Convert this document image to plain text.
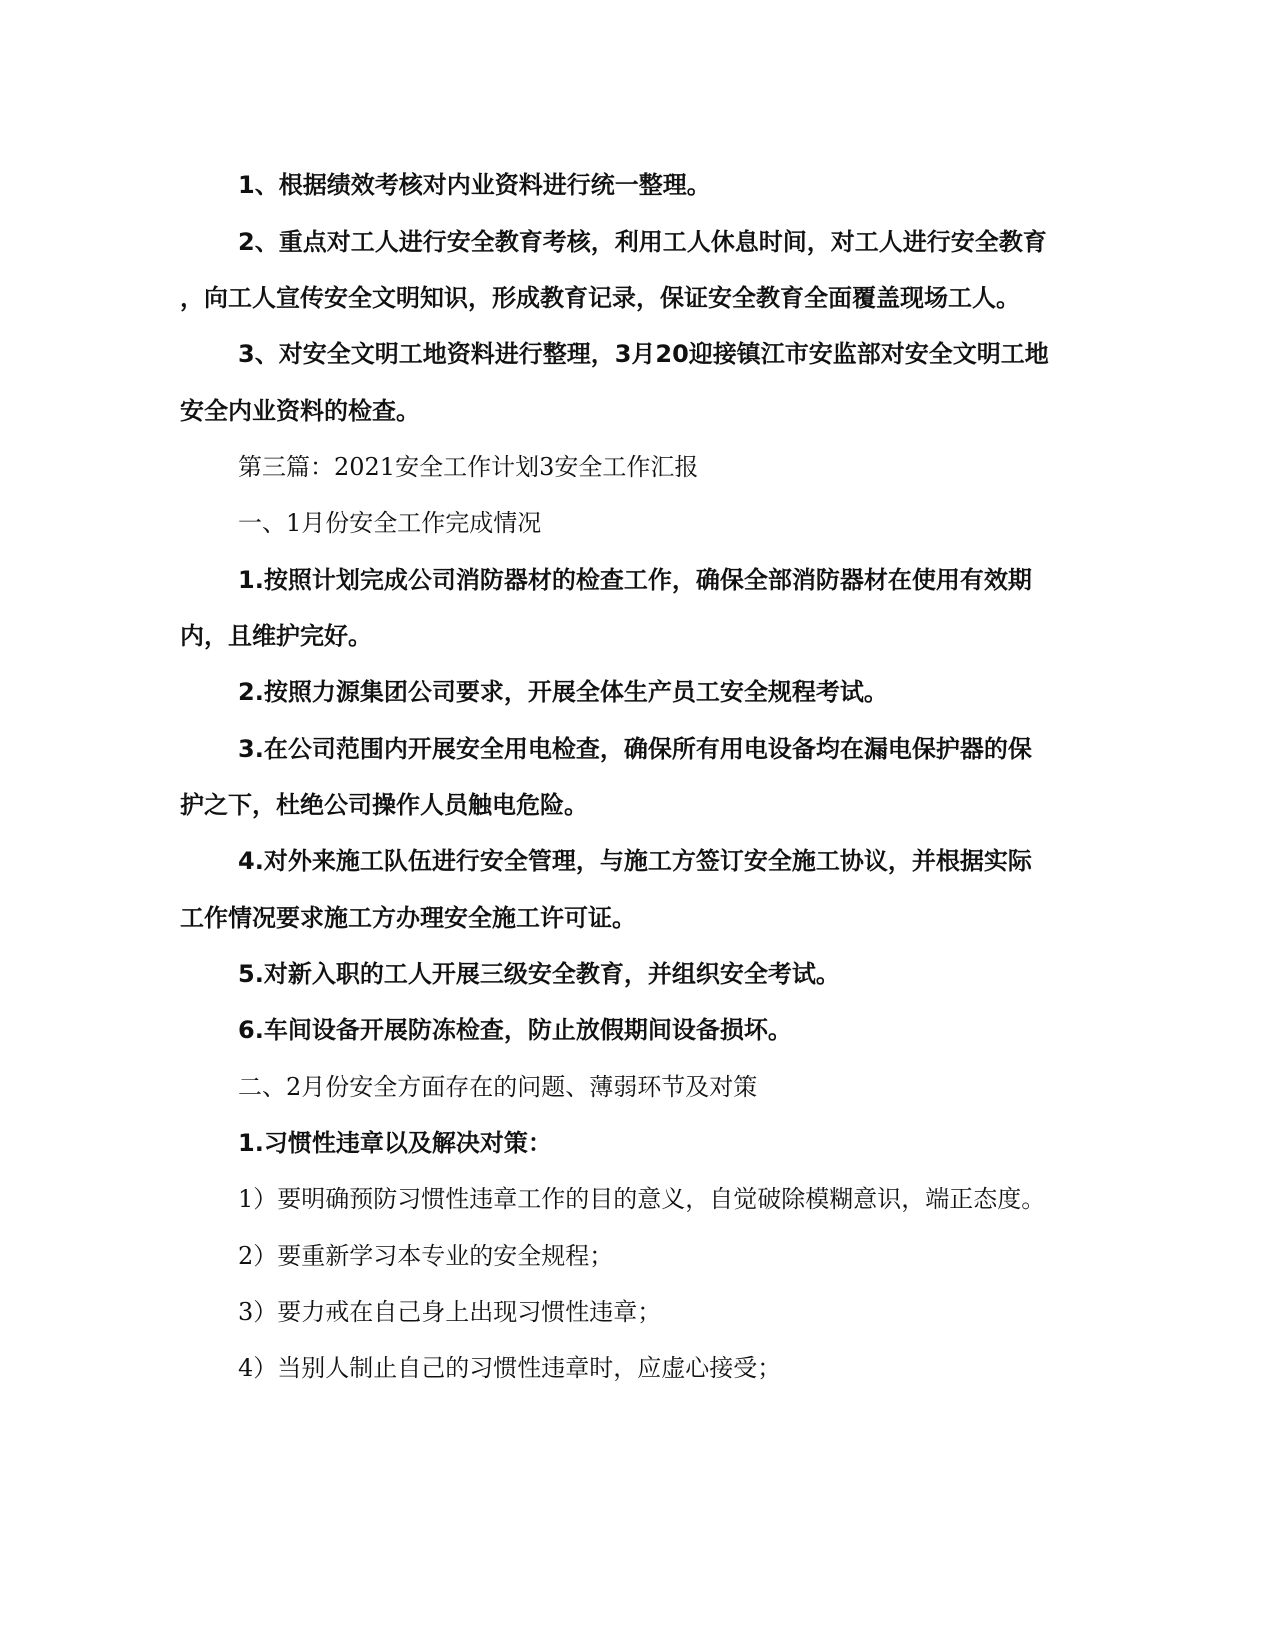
1、根据绩效考核对内业资料进行统一整理。
2、重点对工人进行安全教育考核，利用工人休息时间，对工人进行安全教育
，向工人宣传安全文明知识，形成教育记录，保证安全教育全面覆盖现场工人。
3、对安全文明工地资料进行整理，3月20迎接镇江市安监部对安全文明工地
安全内业资料的检查。
第三篇：2021安全工作计划3安全工作汇报
一、1月份安全工作完成情况
1.按照计划完成公司消防器材的检查工作，确保全部消防器材在使用有效期
内，且维护完好。
2.按照力源集团公司要求，开展全体生产员工安全规程考试。
3.在公司范围内开展安全用电检查，确保所有用电设备均在漏电保护器的保
护之下，杜绝公司操作人员触电危险。
4.对外来施工队伍进行安全管理，与施工方签订安全施工协议，并根据实际
工作情况要求施工方办理安全施工许可证。
5.对新入职的工人开展三级安全教育，并组织安全考试。
6.车间设备开展防冻检查，防止放假期间设备损坏。
二、2月份安全方面存在的问题、薄弱环节及对策
1.习惯性违章以及解决对策：
1）要明确预防习惯性违章工作的目的意义，自觉破除模糊意识，端正态度。
2）要重新学习本专业的安全规程；
3）要力戒在自己身上出现习惯性违章；
4）当别人制止自己的习惯性违章时，应虚心接受；
